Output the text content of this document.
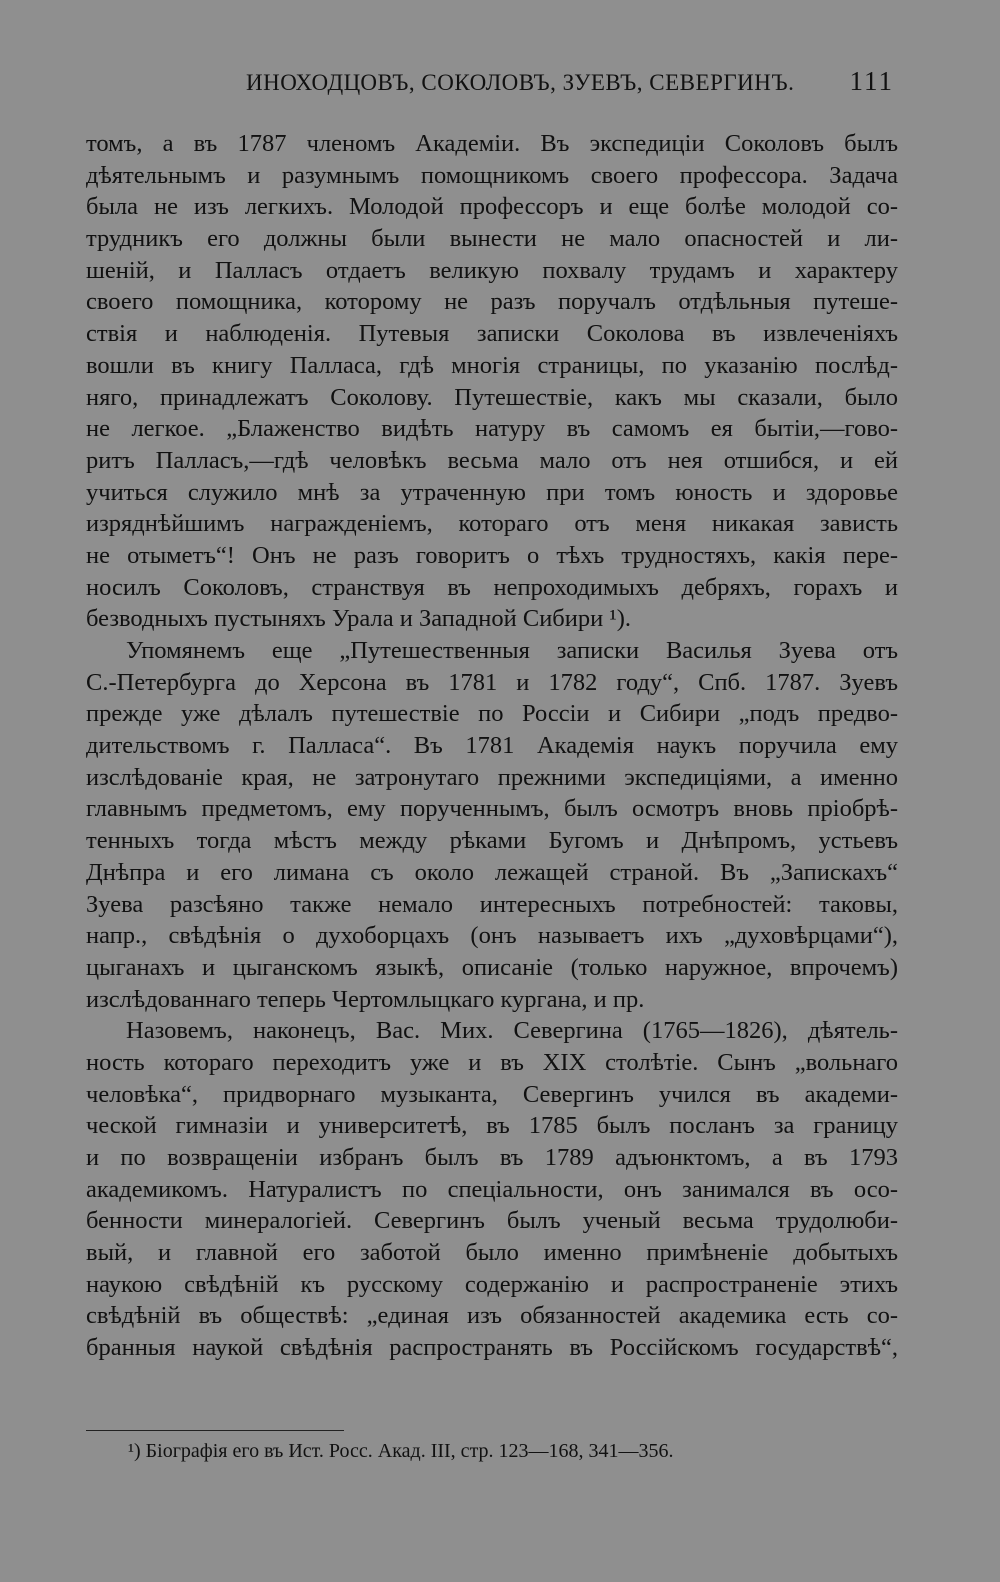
ИНОХОДЦОВЪ, СОКОЛОВЪ, ЗУЕВЪ, СЕВЕРГИНЪ. 111
томъ, а въ 1787 членомъ Академіи. Въ экспедиціи Соколовъ былъ
дѣятельнымъ и разумнымъ помощникомъ своего профессора. Задача
была не изъ легкихъ. Молодой профессоръ и еще болѣе молодой со-
трудникъ его должны были вынести не мало опасностей и ли-
шеній, и Палласъ отдаетъ великую похвалу трудамъ и характеру
своего помощника, которому не разъ поручалъ отдѣльныя путеше-
ствія и наблюденія. Путевыя записки Соколова въ извлеченіяхъ
вошли въ книгу Палласа, гдѣ многія страницы, по указанію послѣд-
няго, принадлежатъ Соколову. Путешествіе, какъ мы сказали, было
не легкое. „Блаженство видѣть натуру въ самомъ ея бытіи,—гово-
ритъ Палласъ,—гдѣ человѣкъ весьма мало отъ нея отшибся, и ей
учиться служило мнѣ за утраченную при томъ юность и здоровье
изряднѣйшимъ награжденіемъ, котораго отъ меня никакая зависть
не отыметъ“! Онъ не разъ говоритъ о тѣхъ трудностяхъ, какія пере-
носилъ Соколовъ, странствуя въ непроходимыхъ дебряхъ, горахъ и
безводныхъ пустыняхъ Урала и Западной Сибири ¹).
Упомянемъ еще „Путешественныя записки Василья Зуева отъ
С.-Петербурга до Херсона въ 1781 и 1782 году“, Спб. 1787. Зуевъ
прежде уже дѣлалъ путешествіе по Россіи и Сибири „подъ предво-
дительствомъ г. Палласа“. Въ 1781 Академія наукъ поручила ему
изслѣдованіе края, не затронутаго прежними экспедиціями, а именно
главнымъ предметомъ, ему порученнымъ, былъ осмотръ вновь пріобрѣ-
тенныхъ тогда мѣстъ между рѣками Бугомъ и Днѣпромъ, устьевъ
Днѣпра и его лимана съ около лежащей страной. Въ „Запискахъ“
Зуева разсѣяно также немало интересныхъ потребностей: таковы,
напр., свѣдѣнія о духоборцахъ (онъ называетъ ихъ „духовѣрцами“),
цыганахъ и цыганскомъ языкѣ, описаніе (только наружное, впрочемъ)
изслѣдованнаго теперь Чертомлыцкаго кургана, и пр.
Назовемъ, наконецъ, Вас. Мих. Севергина (1765—1826), дѣятель-
ность котораго переходитъ уже и въ XIX столѣтіе. Сынъ „вольнаго
человѣка“, придворнаго музыканта, Севергинъ учился въ академи-
ческой гимназіи и университетѣ, въ 1785 былъ посланъ за границу
и по возвращеніи избранъ былъ въ 1789 адъюнктомъ, а въ 1793
академикомъ. Натуралистъ по спеціальности, онъ занимался въ осо-
бенности минералогіей. Севергинъ былъ ученый весьма трудолюби-
вый, и главной его заботой было именно примѣненіе добытыхъ
наукою свѣдѣній къ русскому содержанію и распространеніе этихъ
свѣдѣній въ обществѣ: „единая изъ обязанностей академика есть со-
бранныя наукой свѣдѣнія распространять въ Россійскомъ государствѣ“,
¹) Біографія его въ Ист. Росс. Акад. III, стр. 123—168, 341—356.
